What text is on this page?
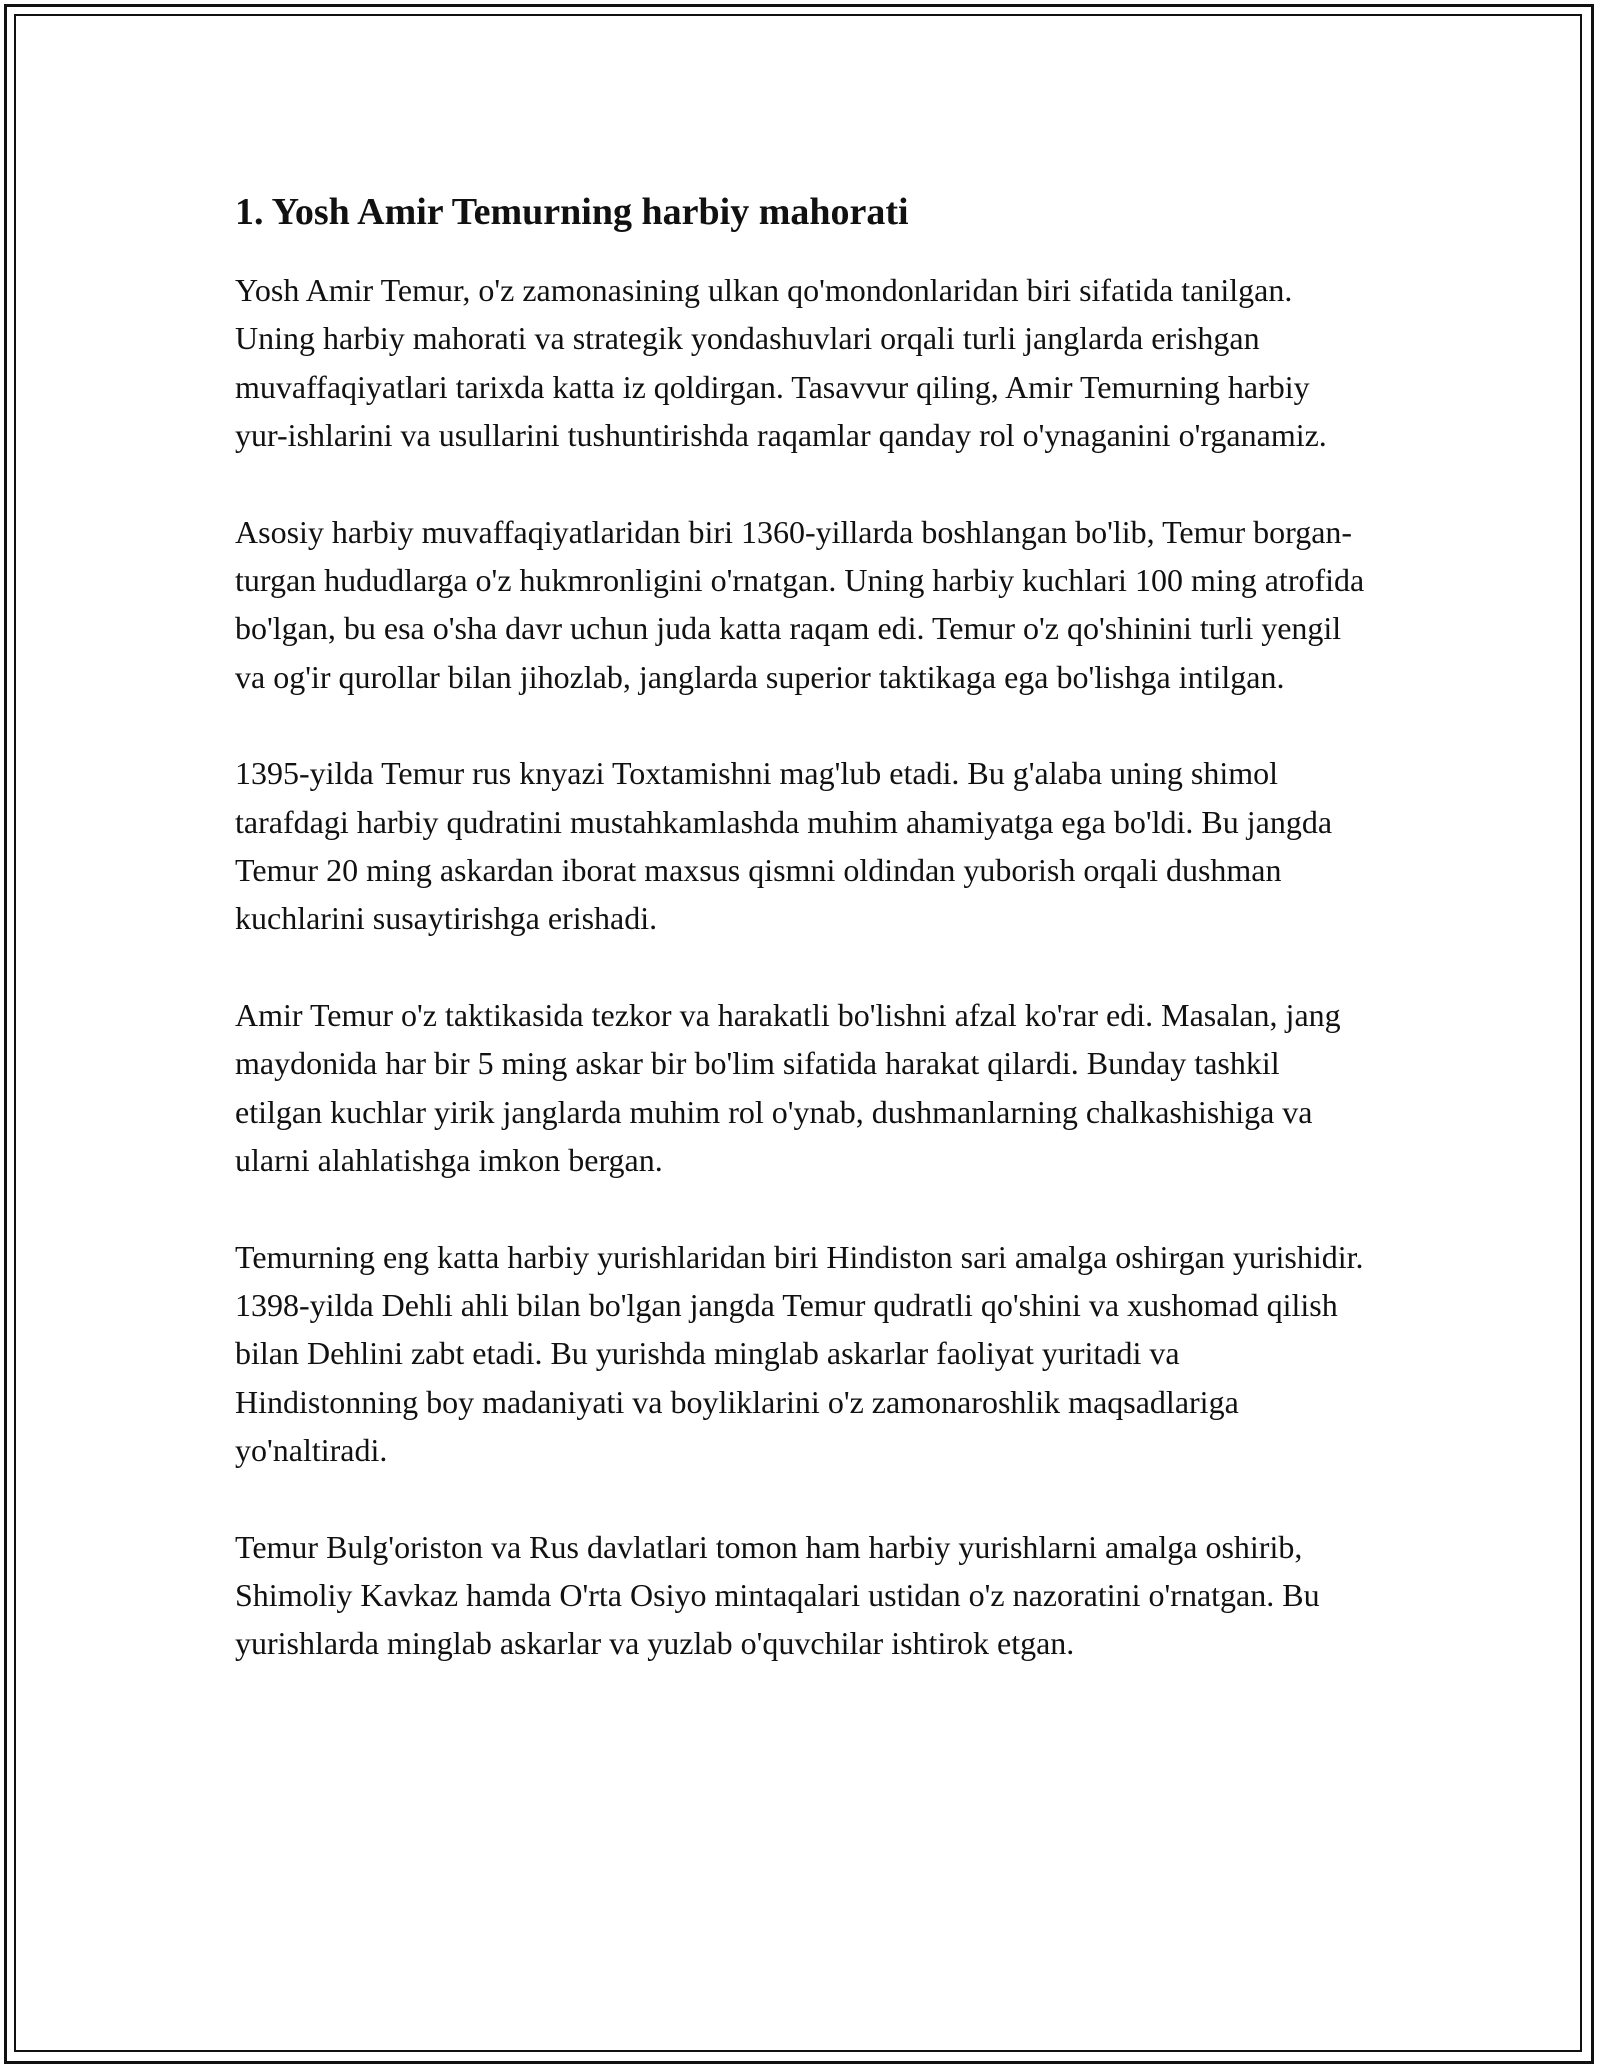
1. Yosh Amir Temurning harbiy mahorati

Yosh Amir Temur, o'z zamonasining ulkan qo'mondonlaridan biri sifatida tanilgan. Uning harbiy mahorati va strategik yondashuvlari orqali turli janglarda erishgan muvaffaqiyatlari tarixda katta iz qoldirgan. Tasavvur qiling, Amir Temurning harbiy yur-ishlarini va usullarini tushuntirishda raqamlar qanday rol o'ynaganini o'rganamiz.

Asosiy harbiy muvaffaqiyatlaridan biri 1360-yillarda boshlangan bo'lib, Temur borgan-turgan hududlarga o'z hukmronligini o'rnatgan. Uning harbiy kuchlari 100 ming atrofida bo'lgan, bu esa o'sha davr uchun juda katta raqam edi. Temur o'z qo'shinini turli yengil va og'ir qurollar bilan jihozlab, janglarda superior taktikaga ega bo'lishga intilgan.

1395-yilda Temur rus knyazi Toxtamishni mag'lub etadi. Bu g'alaba uning shimol tarafdagi harbiy qudratini mustahkamlashda muhim ahamiyatga ega bo'ldi. Bu jangda Temur 20 ming askardan iborat maxsus qismni oldindan yuborish orqali dushman kuchlarini susaytirishga erishadi.

Amir Temur o'z taktikasida tezkor va harakatli bo'lishni afzal ko'rar edi. Masalan, jang maydonida har bir 5 ming askar bir bo'lim sifatida harakat qilardi. Bunday tashkil etilgan kuchlar yirik janglarda muhim rol o'ynab, dushmanlarning chalkashishiga va ularni alahlatishga imkon bergan.

Temurning eng katta harbiy yurishlaridan biri Hindiston sari amalga oshirgan yurishidir. 1398-yilda Dehli ahli bilan bo'lgan jangda Temur qudratli qo'shini va xushomad qilish bilan Dehlini zabt etadi. Bu yurishda minglab askarlar faoliyat yuritadi va Hindistonning boy madaniyati va boyliklarini o'z zamonaroshlik maqsadlariga yo'naltiradi.

Temur Bulg'oriston va Rus davlatlari tomon ham harbiy yurishlarni amalga oshirib, Shimoliy Kavkaz hamda O'rta Osiyo mintaqalari ustidan o'z nazoratini o'rnatgan. Bu yurishlarda minglab askarlar va yuzlab o'quvchilar ishtirok etgan.
